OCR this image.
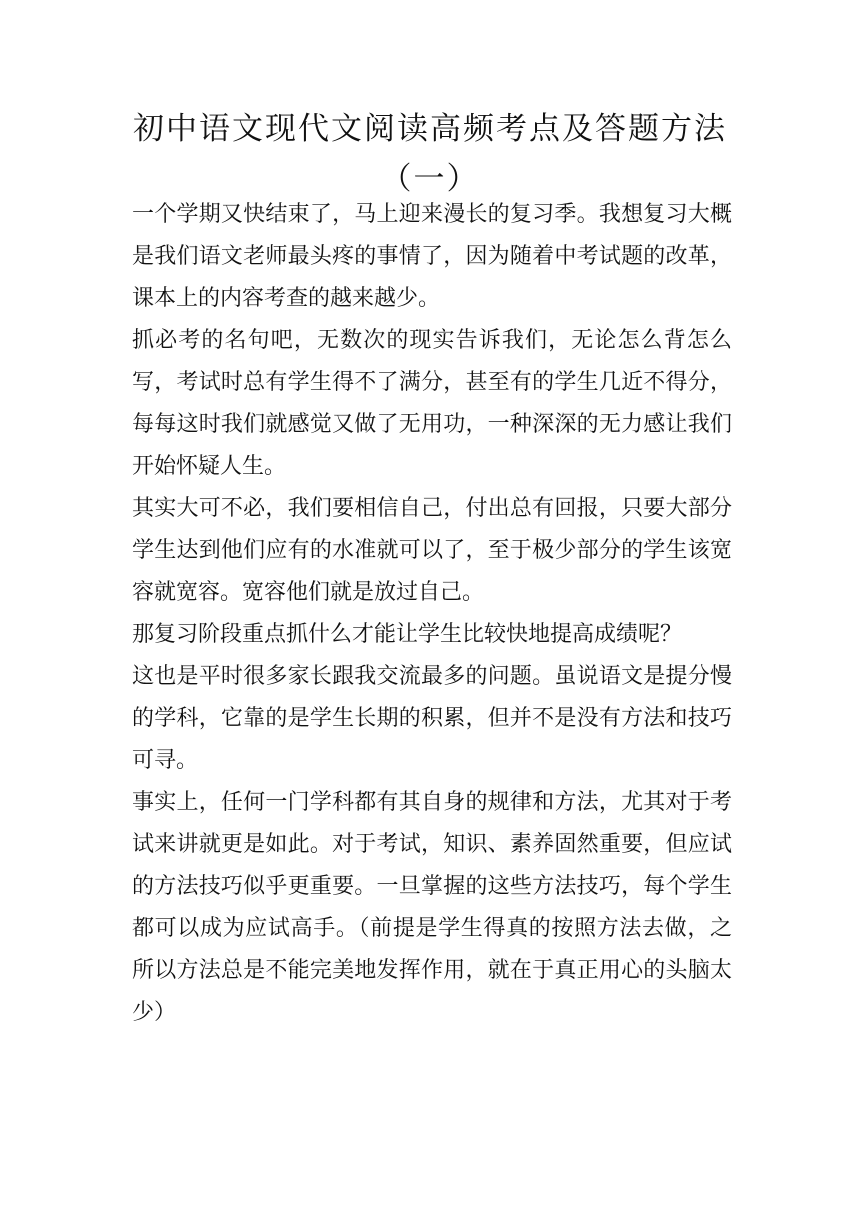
初中语文现代文阅读高频考点及答题方法
（一）

一个学期又快结束了，马上迎来漫长的复习季。我想复习大概是我们语文老师最头疼的事情了，因为随着中考试题的改革，课本上的内容考查的越来越少。

抓必考的名句吧，无数次的现实告诉我们，无论怎么背怎么写，考试时总有学生得不了满分，甚至有的学生几近不得分，每每这时我们就感觉又做了无用功，一种深深的无力感让我们开始怀疑人生。

其实大可不必，我们要相信自己，付出总有回报，只要大部分学生达到他们应有的水准就可以了，至于极少部分的学生该宽容就宽容。宽容他们就是放过自己。

那复习阶段重点抓什么才能让学生比较快地提高成绩呢？

这也是平时很多家长跟我交流最多的问题。虽说语文是提分慢的学科，它靠的是学生长期的积累，但并不是没有方法和技巧可寻。

事实上，任何一门学科都有其自身的规律和方法，尤其对于考试来讲就更是如此。对于考试，知识、素养固然重要，但应试的方法技巧似乎更重要。一旦掌握的这些方法技巧，每个学生都可以成为应试高手。（前提是学生得真的按照方法去做，之所以方法总是不能完美地发挥作用，就在于真正用心的头脑太少）
